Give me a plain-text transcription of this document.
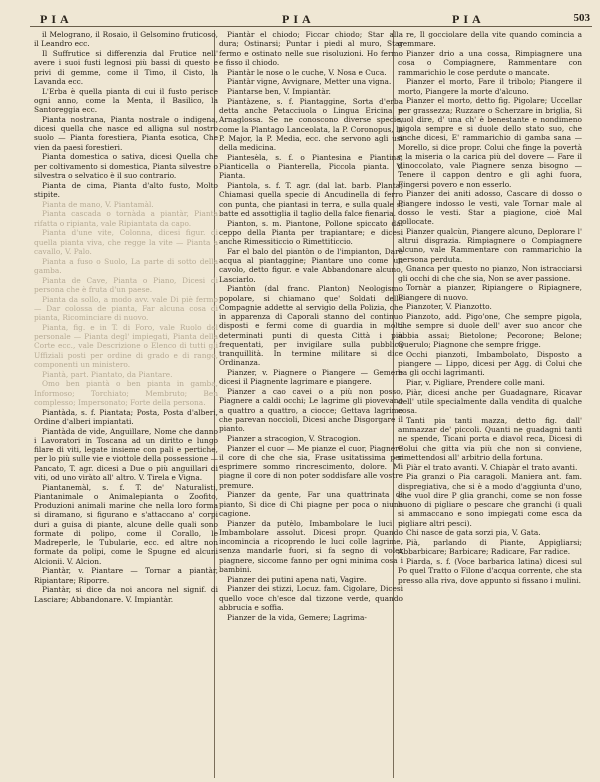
PIA	PIA	PIA	503

il Melograno, il Rosaio, il Gelsomino fruticoso, il Leandro ecc.

Il Suffrutice si differenzia dal Frutice nell' avere i suoi fusti legnosi più bassi di questo e privi di gemme, come il Timo, il Cisto, la Lavanda ecc.

L'Erba è quella pianta di cui il fusto perisce ogni anno, come la Menta, il Basilico, la Santoreggia ecc.

Pianta nostrana, Pianta nostrale o indigena, dicesi quella che nasce ed alligna sul nostro suolo — Pianta forestiera, Pianta esotica, Che vien da paesi forestieri.

Pianta domestica o sativa, dicesi Quella che per coltivamento si domestica, Pianta silvestre o silvestra o selvatico è il suo contrario.

Pianta de cima, Pianta d'alto fusto, Molto stipite.

Pianta de mano, V. Piantamàl.

Pianta cascada o tornàda a piantàr, Pianta rifatta o ripianta, vale Ripiantata da capo.

Pianta d'une vite, Colonna, dicesi figur. di quella pianta viva, che regge la vite — Pianta a cavallo, V. Palo.

Pianta a fuso o Suolo, La parte di sotto della gamba.

Pianta de Cave, Pianta o Piano, Dicesi di persona che è fruta d'un paese.

Pianta da sollo, a modo avv. vale Di piè fermo — Dar colossa de pianta, Far alcuna cosa di pianta, Ricominciare di nuovo.

Pianta, fig. e in T. di Foro, vale Ruolo del personale — Pianta degl' impiegati, Pianta della Corte ecc., vale Descrizione o Elenco di tutti gli Uffiziali posti per ordine di grado e di rango, componenti un ministero.

Piantà, part. Piantato, da Piantare.

Omo ben piantà o ben pianta in gamba, Informoso; Torchiato; Membruto; Ben complesso; Impersonato; Forte della persona.

Piantàda, s. f. Piantata; Posta, Posta d'alberi, Ordine d'alberi impiantati.

Piantàda de vide, Anguillare, Nome che danno i Lavoratori in Toscana ad un diritto e lungo filare di viti, legate insieme con pali e pertiche, per lo più sulle vie e viottole della possessione — Pancato, T. agr. dicesi a Due o più anguillari di viti, od uno viràto all' altro. V. Tirela e Vigna.

Piantanemàl, s. f. T. de' Naturalisti, Piantanimale o Animalepianta o Zoofito, Produzioni animali marine che nella loro forma si diramano, si figurano e s'attaccano a' corpi duri a guisa di piante, alcune delle quali sono formate di polipo, come il Corallo, le Madreperle, le Tubularie, ecc. ed altre non formate da polipi, come le Spugne ed alcuni Alcionii. V. Alcion.

Piantàr, v. Piantare — Tornar a piantàr, Ripiantare; Riporre.

Piantàr, si dice da noi ancora nel signif. di Lasciare; Abbandonare. V. Impiantàr.

Piantàr el chiodo; Ficcar chiodo; Star alla dura; Ostinarsi; Puntar i piedi al muro, Star fermo e ostinato nelle sue risoluzioni. Ho fermo e fisso il chiodo.

Piantàr le nose o le cuche, V. Nosa e Cuca.

Piantàr vigne, Avvignare, Metter una vigna.

Piantarse ben, V. Impiantàr.

Piantàzene, s. f. Piantaggine, Sorta d'erba detta anche Petacciuola o Lingua Ericina e Arnaglossa. Se ne conoscono diverse specie, come la Plantago Lanceolata, la P. Coronopus, la P. Major, la P. Media, ecc. che servono agli usi della medicina.

Piantesèla, s. f. o Piantesina e Piantina, Pianticella o Pianterella, Piccola pianta. V. Pianta.

Piantola, s. f. T. agr. (dal lat. barb. Planta) Chiamasi quella specie di Ancudinella di ferro con punta, che piantasi in terra, e sulla quale si batte ed assottiglia il taglio della falce fienaria.

Pianton, s. m. Piantone, Pollone spiccato dal ceppo della Pianta per trapiantare; e dicesi anche Rimessiticcio o Rimettiticcio.

Far el balo del piantòn o de l'impianton, Dare acqua al piantaggine; Piantare uno come un cavolo, detto figur. e vale Abbandonare alcuno, Lasciarlo.

Piantòn (dal franc. Planton) Neologismo popolare, si chiamano que' Soldati delle Compagnie addette al servigio della Polizia, che in apparenza di Caporali stanno del continuo disposti e fermi come di guardia in molti determinati punti di questa Città i più frequentati, per invigilare sulla pubblica tranquillità. In termine militare si dice Ordinanza.

Pianzer, v. Piagnere o Piangere — Gemere dicesi il Piagnente lagrimare e piangere.

Pianzer a cao cavei o a più non posso, Piagnere a caldi occhi; Le lagrime gli piovevano a quattro a quattro, a ciocce; Gettava lagrime che parevan noccioli, Dicesi anche Disgorgare il pianto.

Pianzer a stracogion, V. Stracogion.

Pianzer el cuor — Me pianze el cuor, Piagnere il core di che che sia, Frase usitatissima per esprimere sommo rincrescimento, dolore. Mi piagne il core di non poter soddisfare alle vostre premure.

Pianzer da gente, Far una quattrinata di pianto, Si dice di Chi piagne per poca o niuna cagione.

Pianzer da putèlo, Imbambolare le luci o Imbambolare assolut. Dicesi propr. Quando incomincia a ricoprendo le luci colle lagrime, senza mandarle fuori, si fa segno di voler piagnere, siccome fanno per ogni minima cosa i bambini.

Pianzer dei putini apena nati, Vagire.

Pianzer dei stizzi, Locuz. fam. Cigolare, Dicesi quello voce ch'esce dal tizzone verde, quando abbrucia e soffia.

Pianzer de la vida, Gemere; Lagrima-

re, Il gocciolare della vite quando comincia a gemmare.

Pianzer drio a una cossa, Rimpiagnere una cosa o Compiagnere, Rammentare con rammarichio le cose perdute o mancate.

Pianzer el morto, Fare il tribolo; Piangere il morto, Piangere la morte d'alcuno.

Pianzer el morto, detto fig. Pigolare; Uccellar per grassezza; Ruzzare o Scherzare in briglia, Si suol dire, d' una ch' è benestante e nondimeno pigola sempre e si duole dello stato suo, che anche dicesi, E' rammarichio di gamba sana — Morello, si dice propr. Colui che finge la povertà e la miseria o la carica più del dovere — Fare il dinoccolato, vale Piagnere senza bisogno — Tenere il cappon dentro e gli aghi fuora, Fingersi povero e non esserlo.

Pianzer dei aniti adosso, Cascare di dosso o Piangere indosso le vesti, vale Tornar male al dosso le vesti. Star a piagione, cioè Mal collocate.

Pianzer qualcùn, Piangere alcuno, Deplorare l' altrui disgrazia. Rimpiagnere o Compiagnere alcuno, vale Rammentare con rammarichio la persona perduta.

Gnanca per questo no pianzo, Non istracciarsi gli occhi di che che sia, Non se aver passione.

Tornàr a pianzer, Ripiangere o Ripiagnere, Piangere di nuovo.

Pianzoter, V. Pianzotto.

Pianzoto, add. Pigo'one, Che sempre pigola, che sempre si duole dell' aver suo ancor che abbia assai; Bietolone; Pecorone; Belone; Querulo; Piagnone che sempre frigge.

Occhi pianzoti, Imbambolato, Disposto a piangere — Lippo, dicesi per Agg. di Colui che ha gli occhi lagrimanti.

Piar, v. Pigliare, Prendere colle mani.

Piàr, dicesi anche per Guadagnare, Ricavar dell' utile specialmente dalla vendita di qualche cosa.

Tanti pia tanti mazza, detto fig. dall' ammazzar de' piccoli. Quanti ne guadagni tanti ne spende, Ticani porta e diavol reca, Dicesi di Colui che gitta via più che non si conviene, rimettendosi all' arbitrio della fortuna.

Piàr el trato avanti. V. Chiapàr el trato avanti.

Pia granzi o Pia caragoli. Maniera ant. fam. dispregiativa, che si è a modo d'aggiunta d'uno, che vuol dire P glia granchi, come se non fosse buono di pigliare o pescare che granchi (i quali si ammaccano e sono impiegati come esca da pigliare altri pesci).

Chi nasce de gata sorzi pia, V. Gata.

Pià, parlando di Piante, Appigliarsi; Abbarbicare; Barbicare; Radicare, Far radice.

Piarda, s. f. (Voce barbarica latina) dicesi sul Po quel Tratto o Filone d'acqua corrente, che sta presso alla riva, dove appunto si fissano i mulini.
